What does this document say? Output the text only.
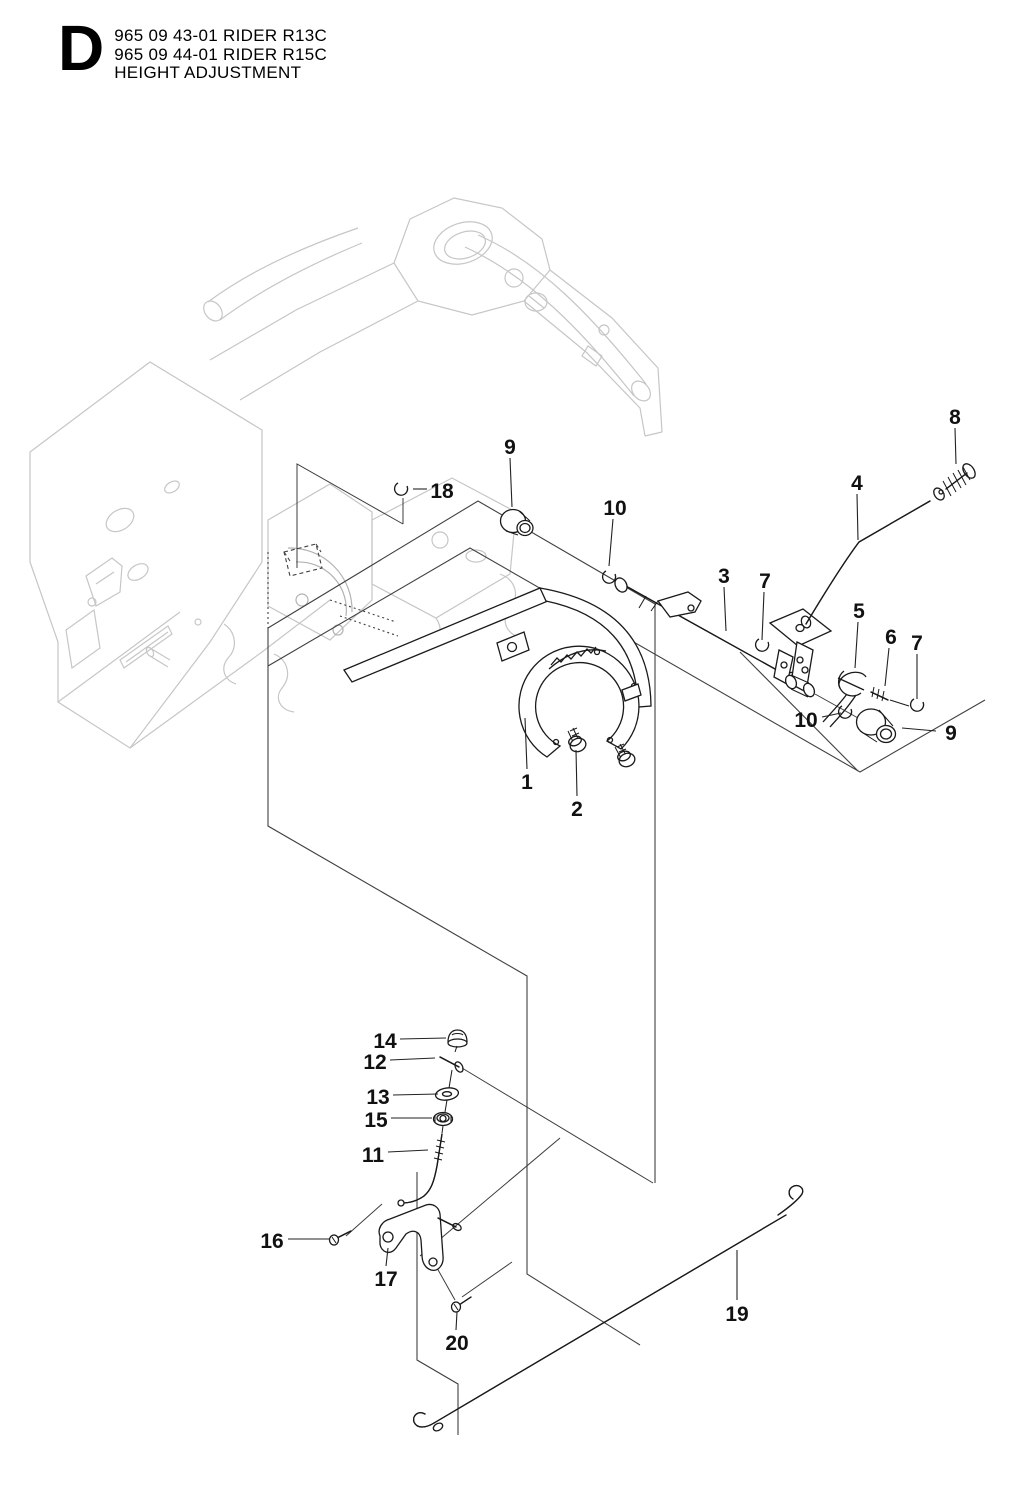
D 965 09 43-01 RIDER R13C
965 09 44-01 RIDER R15C
HEIGHT ADJUSTMENT
1
2
3
4
5
6
7
7
8
9
9
10
10
11
12
13
14
15
16
17
18
19
20
